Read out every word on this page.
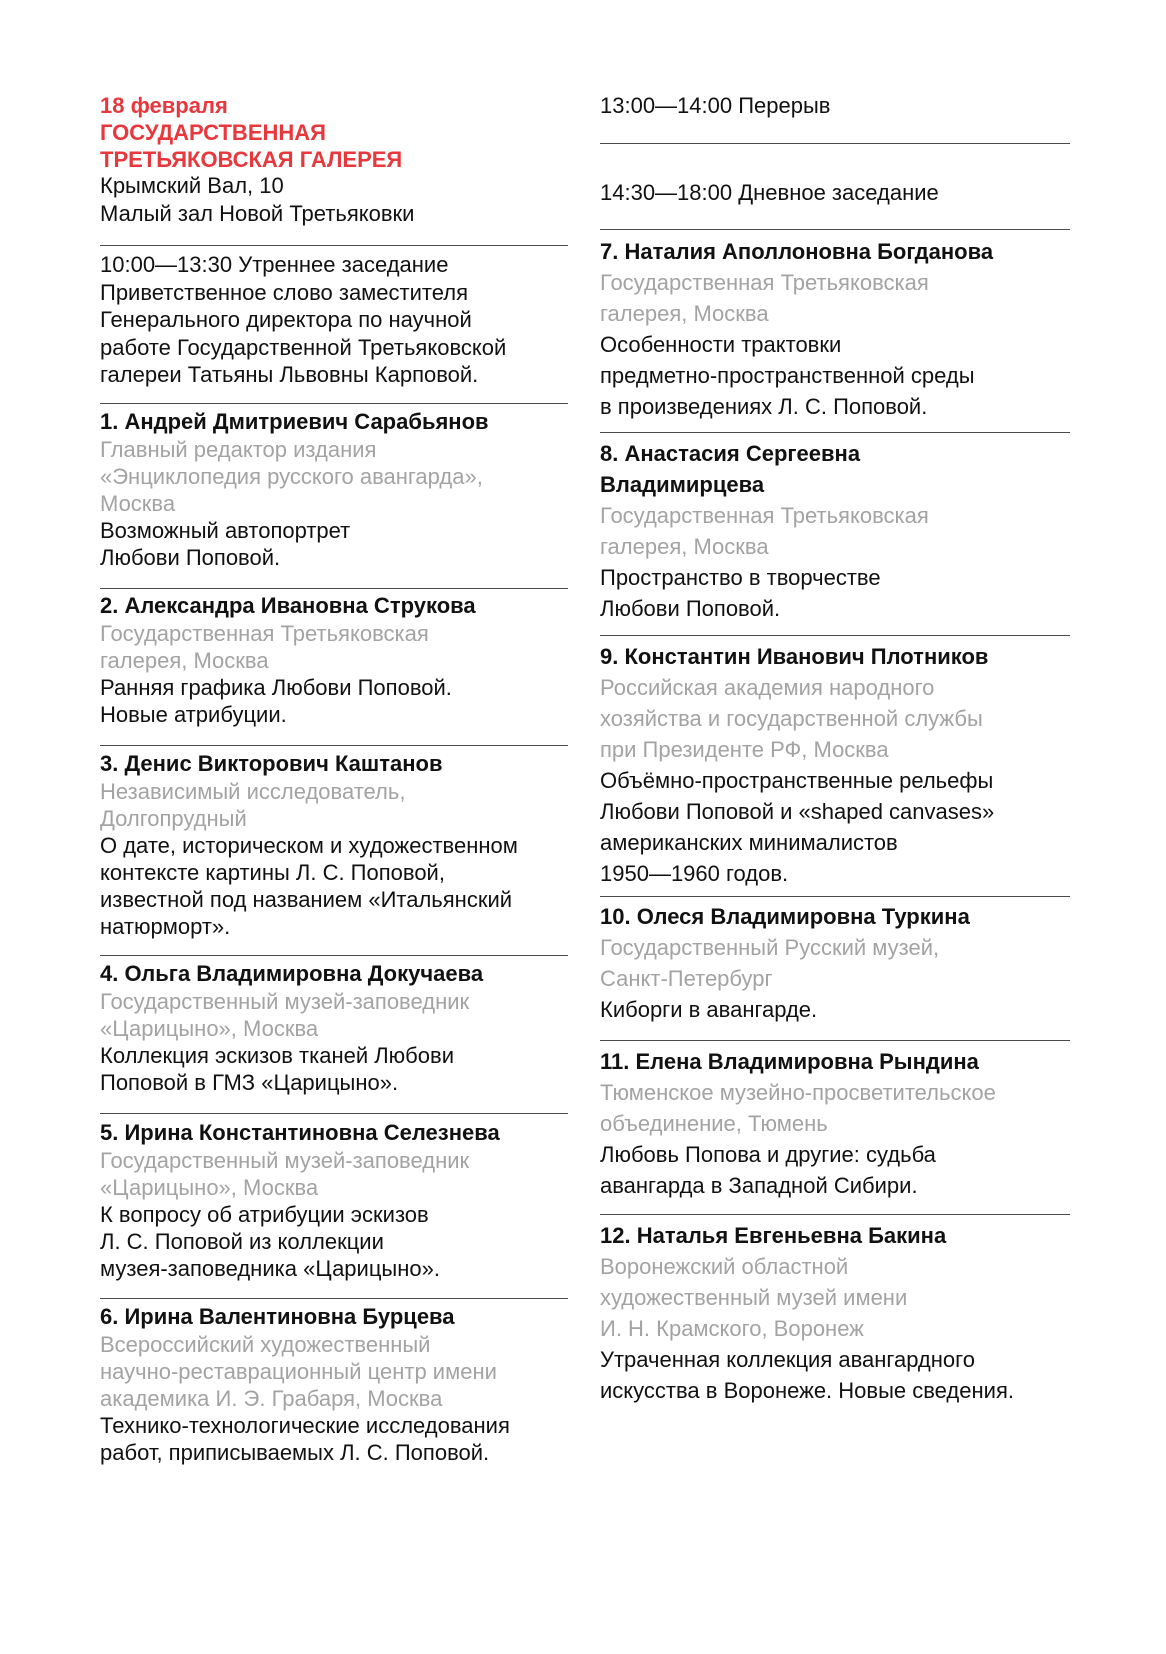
18 февраля
ГОСУДАРСТВЕННАЯ
ТРЕТЬЯКОВСКАЯ ГАЛЕРЕЯ
Крымский Вал, 10
Малый зал Новой Третьяковки
10:00—13:30 Утреннее заседание
Приветственное слово заместителя
Генерального директора по научной
работе Государственной Третьяковской
галереи Татьяны Львовны Карповой.
1. Андрей Дмитриевич Сарабьянов
Главный редактор издания
«Энциклопедия русского авангарда»,
Москва
Возможный автопортрет
Любови Поповой.
2. Александра Ивановна Струкова
Государственная Третьяковская
галерея, Москва
Ранняя графика Любови Поповой.
Новые атрибуции.
3. Денис Викторович Каштанов
Независимый исследователь,
Долгопрудный
О дате, историческом и художественном
контексте картины Л. С. Поповой,
известной под названием «Итальянский
натюрморт».
4. Ольга Владимировна Докучаева
Государственный музей-заповедник
«Царицыно», Москва
Коллекция эскизов тканей Любови
Поповой в ГМЗ «Царицыно».
5. Ирина Константиновна Селезнева
Государственный музей-заповедник
«Царицыно», Москва
К вопросу об атрибуции эскизов
Л. С. Поповой из коллекции
музея-заповедника «Царицыно».
6. Ирина Валентиновна Бурцева
Всероссийский художественный
научно-реставрационный центр имени
академика И. Э. Грабаря, Москва
Технико-технологические исследования
работ, приписываемых Л. С. Поповой.
13:00—14:00 Перерыв
14:30—18:00 Дневное заседание
7. Наталия Аполлоновна Богданова
Государственная Третьяковская
галерея, Москва
Особенности трактовки
предметно-пространственной среды
в произведениях Л. С. Поповой.
8. Анастасия Сергеевна
Владимирцева
Государственная Третьяковская
галерея, Москва
Пространство в творчестве
Любови Поповой.
9. Константин Иванович Плотников
Российская академия народного
хозяйства и государственной службы
при Президенте РФ, Москва
Объёмно-пространственные рельефы
Любови Поповой и «shaped canvases»
американских минималистов
1950—1960 годов.
10. Олеся Владимировна Туркина
Государственный Русский музей,
Санкт-Петербург
Киборги в авангарде.
11. Елена Владимировна Рындина
Тюменское музейно-просветительское
объединение, Тюмень
Любовь Попова и другие: судьба
авангарда в Западной Сибири.
12. Наталья Евгеньевна Бакина
Воронежский областной
художественный музей имени
И. Н. Крамского, Воронеж
Утраченная коллекция авангардного
искусства в Воронеже. Новые сведения.
